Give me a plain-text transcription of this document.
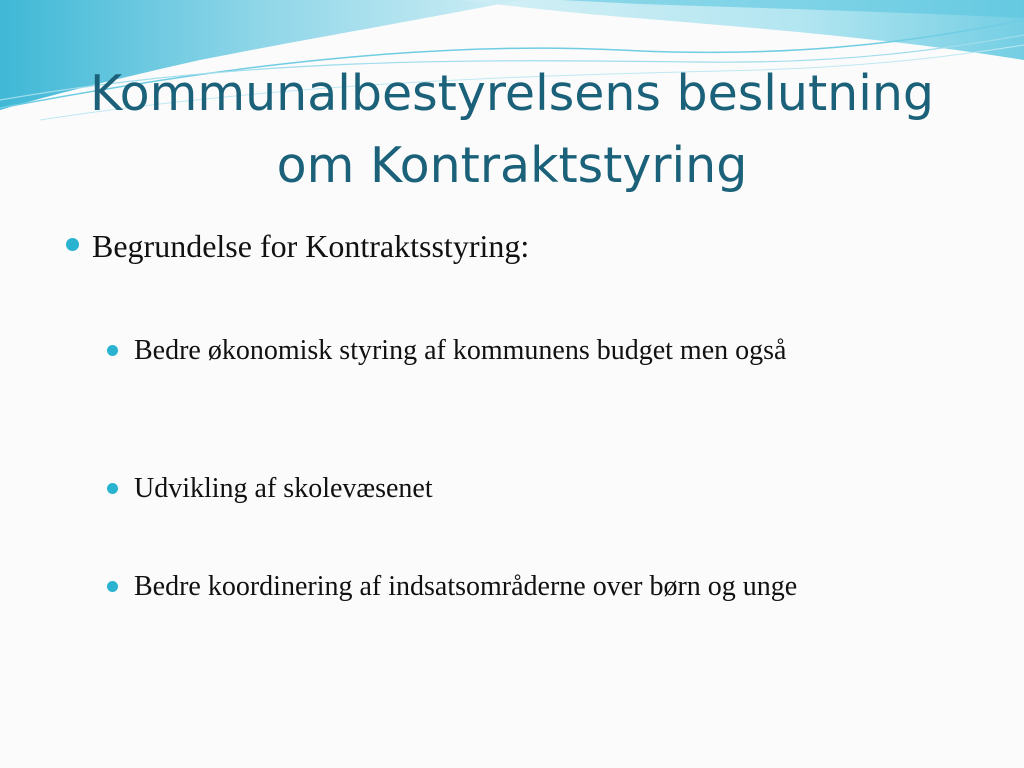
Kommunalbestyrelsens beslutning
om Kontraktstyring
Begrundelse for Kontraktsstyring:
Bedre økonomisk styring af kommunens budget men også
Udvikling af skolevæsenet
Bedre koordinering af indsatsområderne over børn og unge
